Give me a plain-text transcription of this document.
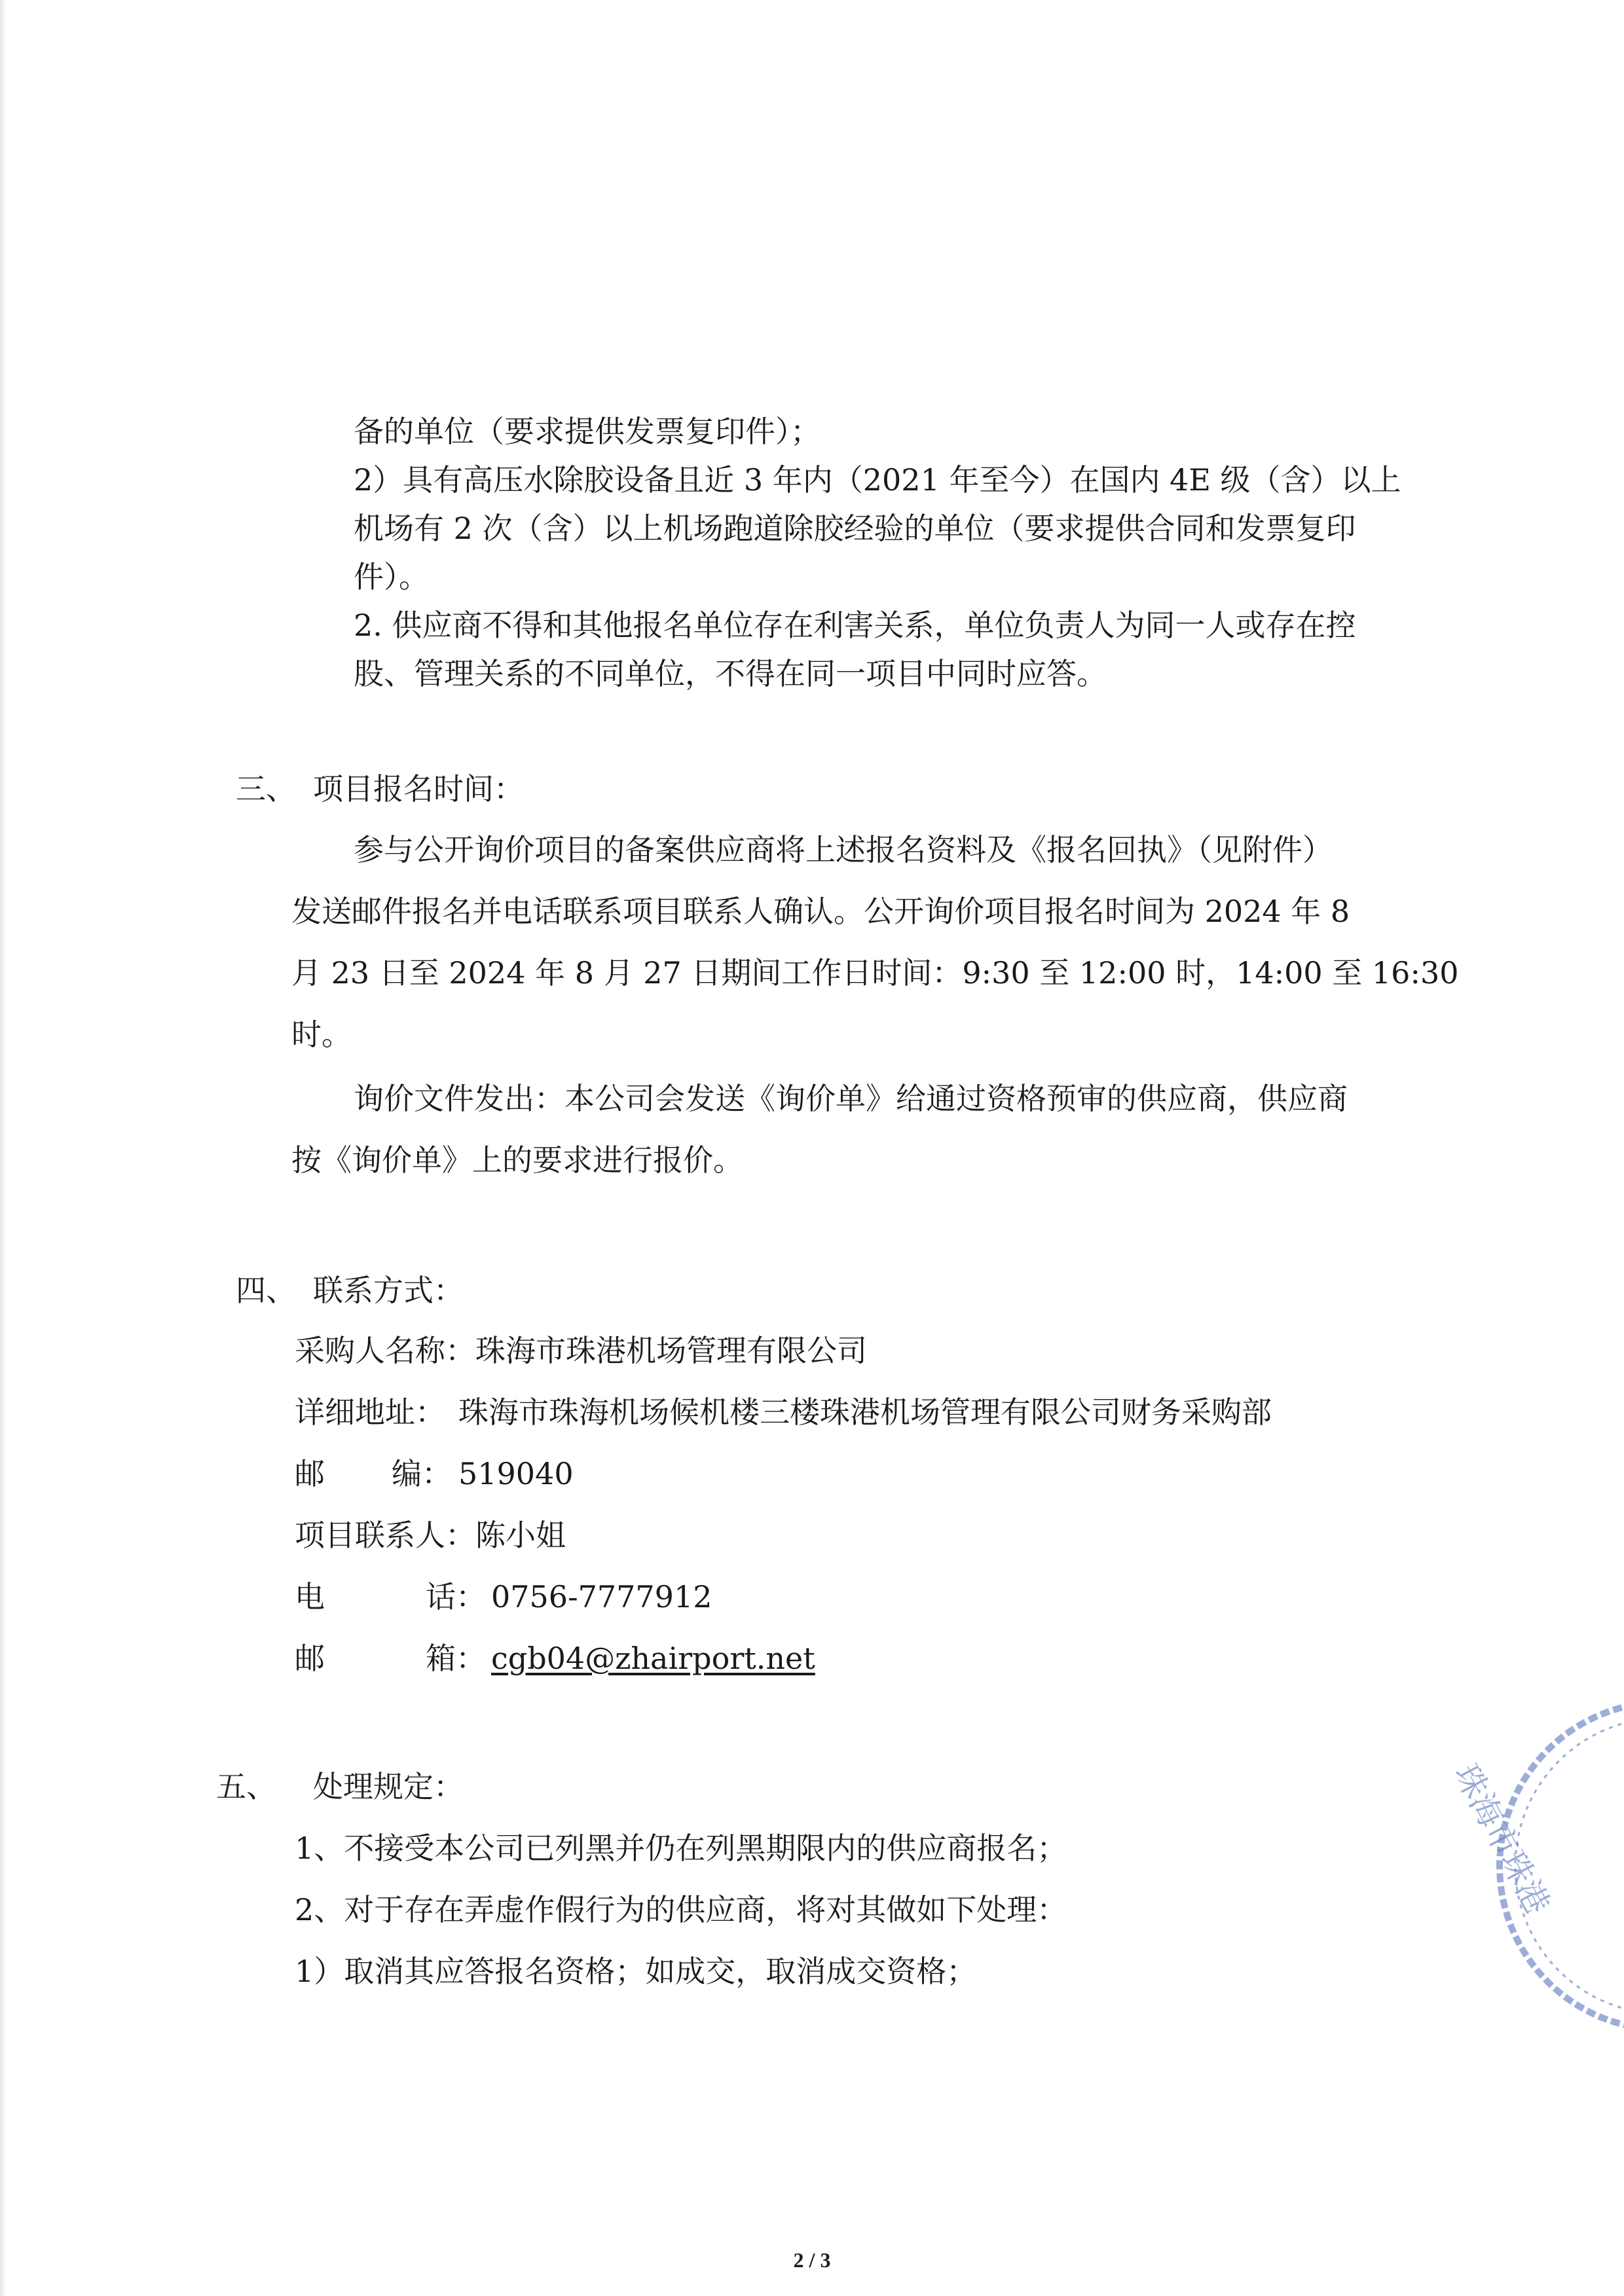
备的单位（要求提供发票复印件）；
2）具有高压水除胶设备且近 3 年内（2021 年至今）在国内 4E 级（含）以上
机场有 2 次（含）以上机场跑道除胶经验的单位（要求提供合同和发票复印
件）。
2. 供应商不得和其他报名单位存在利害关系，单位负责人为同一人或存在控
股、管理关系的不同单位，不得在同一项目中同时应答。
三、 项目报名时间：
参与公开询价项目的备案供应商将上述报名资料及《报名回执》（见附件）
发送邮件报名并电话联系项目联系人确认。公开询价项目报名时间为 2024 年 8
月 23 日至 2024 年 8 月 27 日期间工作日时间：9:30 至 12:00 时，14:00 至 16:30
时。
询价文件发出：本公司会发送《询价单》给通过资格预审的供应商，供应商
按《询价单》上的要求进行报价。
四、 联系方式：
采购人名称： 珠海市珠港机场管理有限公司
详细地址： 珠海市珠海机场候机楼三楼珠港机场管理有限公司财务采购部
邮 编： 519040
项目联系人： 陈小姐
电	话： 0756-7777912
邮	箱： cgb04@zhairport.net
五、 处理规定：
1、不接受本公司已列黑并仍在列黑期限内的供应商报名；
2、对于存在弄虚作假行为的供应商，将对其做如下处理：
1）取消其应答报名资格；如成交，取消成交资格；
珠海市珠港
2 / 3
